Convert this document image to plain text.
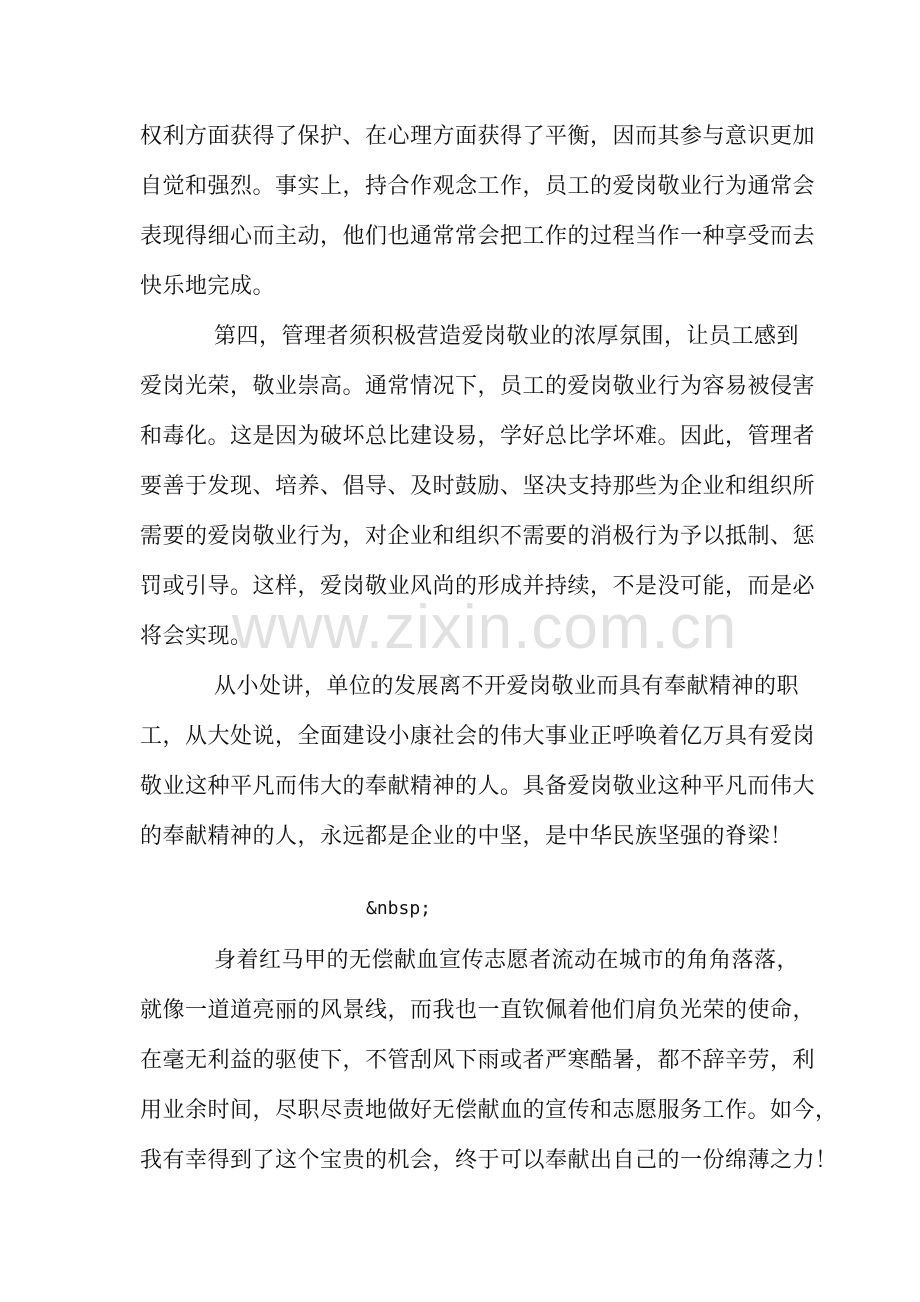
权利方面获得了保护、在心理方面获得了平衡，因而其参与意识更加
自觉和强烈。事实上，持合作观念工作，员工的爱岗敬业行为通常会
表现得细心而主动，他们也通常常会把工作的过程当作一种享受而去
快乐地完成。
第四，管理者须积极营造爱岗敬业的浓厚氛围，让员工感到
爱岗光荣，敬业崇高。通常情况下，员工的爱岗敬业行为容易被侵害
和毒化。这是因为破坏总比建设易，学好总比学坏难。因此，管理者
要善于发现、培养、倡导、及时鼓励、坚决支持那些为企业和组织所
需要的爱岗敬业行为，对企业和组织不需要的消极行为予以抵制、惩
罚或引导。这样，爱岗敬业风尚的形成并持续，不是没可能，而是必
将会实现。
www.zixin.com.cn
从小处讲，单位的发展离不开爱岗敬业而具有奉献精神的职
工，从大处说，全面建设小康社会的伟大事业正呼唤着亿万具有爱岗
敬业这种平凡而伟大的奉献精神的人。具备爱岗敬业这种平凡而伟大
的奉献精神的人，永远都是企业的中坚，是中华民族坚强的脊梁！
&nbsp;
身着红马甲的无偿献血宣传志愿者流动在城市的角角落落，
就像一道道亮丽的风景线，而我也一直钦佩着他们肩负光荣的使命，
在毫无利益的驱使下，不管刮风下雨或者严寒酷暑，都不辞辛劳，利
用业余时间，尽职尽责地做好无偿献血的宣传和志愿服务工作。如今，
我有幸得到了这个宝贵的机会，终于可以奉献出自己的一份绵薄之力！
